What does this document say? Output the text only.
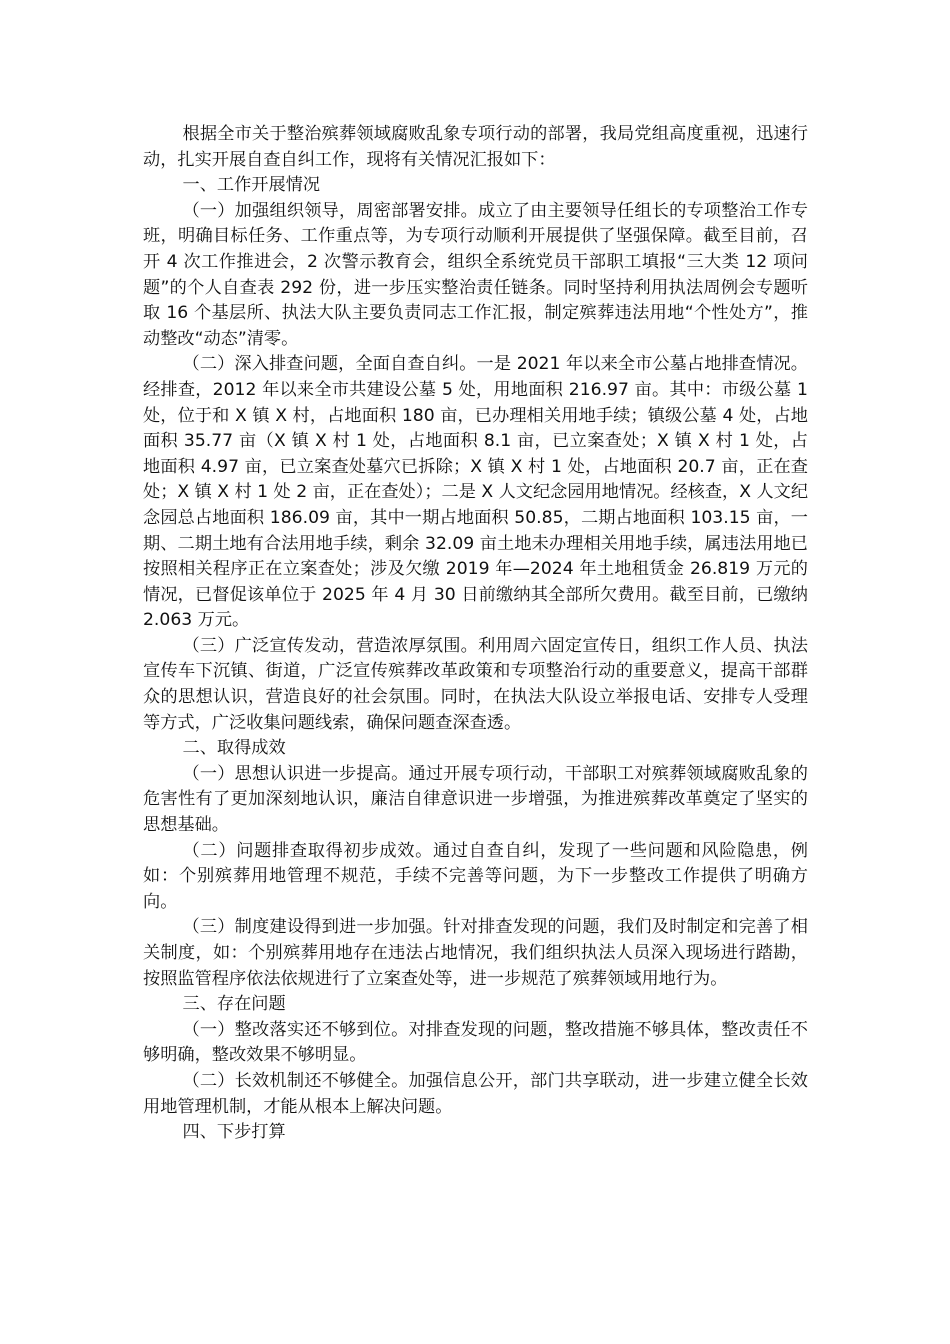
根据全市关于整治殡葬领域腐败乱象专项行动的部署，我局党组高度重视，迅速行动，扎实开展自查自纠工作，现将有关情况汇报如下：

一、工作开展情况

（一）加强组织领导，周密部署安排。成立了由主要领导任组长的专项整治工作专班，明确目标任务、工作重点等，为专项行动顺利开展提供了坚强保障。截至目前，召开 4 次工作推进会，2 次警示教育会，组织全系统党员干部职工填报“三大类 12 项问题”的个人自查表 292 份，进一步压实整治责任链条。同时坚持利用执法周例会专题听取 16 个基层所、执法大队主要负责同志工作汇报，制定殡葬违法用地“个性处方”，推动整改“动态”清零。

（二）深入排查问题，全面自查自纠。一是 2021 年以来全市公墓占地排查情况。经排查，2012 年以来全市共建设公墓 5 处，用地面积 216.97 亩。其中：市级公墓 1 处，位于和 X 镇 X 村，占地面积 180 亩，已办理相关用地手续；镇级公墓 4 处，占地面积 35.77 亩（X 镇 X 村 1 处，占地面积 8.1 亩，已立案查处；X 镇 X 村 1 处，占地面积 4.97 亩，已立案查处墓穴已拆除；X 镇 X 村 1 处，占地面积 20.7 亩，正在查处；X 镇 X 村 1 处 2 亩，正在查处）；二是 X 人文纪念园用地情况。经核查，X 人文纪念园总占地面积 186.09 亩，其中一期占地面积 50.85，二期占地面积 103.15 亩，一期、二期土地有合法用地手续，剩余 32.09 亩土地未办理相关用地手续，属违法用地已按照相关程序正在立案查处；涉及欠缴 2019 年—2024 年土地租赁金 26.819 万元的情况，已督促该单位于 2025 年 4 月 30 日前缴纳其全部所欠费用。截至目前，已缴纳 2.063 万元。

（三）广泛宣传发动，营造浓厚氛围。利用周六固定宣传日，组织工作人员、执法宣传车下沉镇、街道，广泛宣传殡葬改革政策和专项整治行动的重要意义，提高干部群众的思想认识，营造良好的社会氛围。同时，在执法大队设立举报电话、安排专人受理等方式，广泛收集问题线索，确保问题查深查透。

二、取得成效

（一）思想认识进一步提高。通过开展专项行动，干部职工对殡葬领域腐败乱象的危害性有了更加深刻地认识，廉洁自律意识进一步增强，为推进殡葬改革奠定了坚实的思想基础。

（二）问题排查取得初步成效。通过自查自纠，发现了一些问题和风险隐患，例如：个别殡葬用地管理不规范，手续不完善等问题，为下一步整改工作提供了明确方向。

（三）制度建设得到进一步加强。针对排查发现的问题，我们及时制定和完善了相关制度，如：个别殡葬用地存在违法占地情况，我们组织执法人员深入现场进行踏勘，按照监管程序依法依规进行了立案查处等，进一步规范了殡葬领域用地行为。

三、存在问题

（一）整改落实还不够到位。对排查发现的问题，整改措施不够具体，整改责任不够明确，整改效果不够明显。

（二）长效机制还不够健全。加强信息公开，部门共享联动，进一步建立健全长效用地管理机制，才能从根本上解决问题。

四、下步打算
